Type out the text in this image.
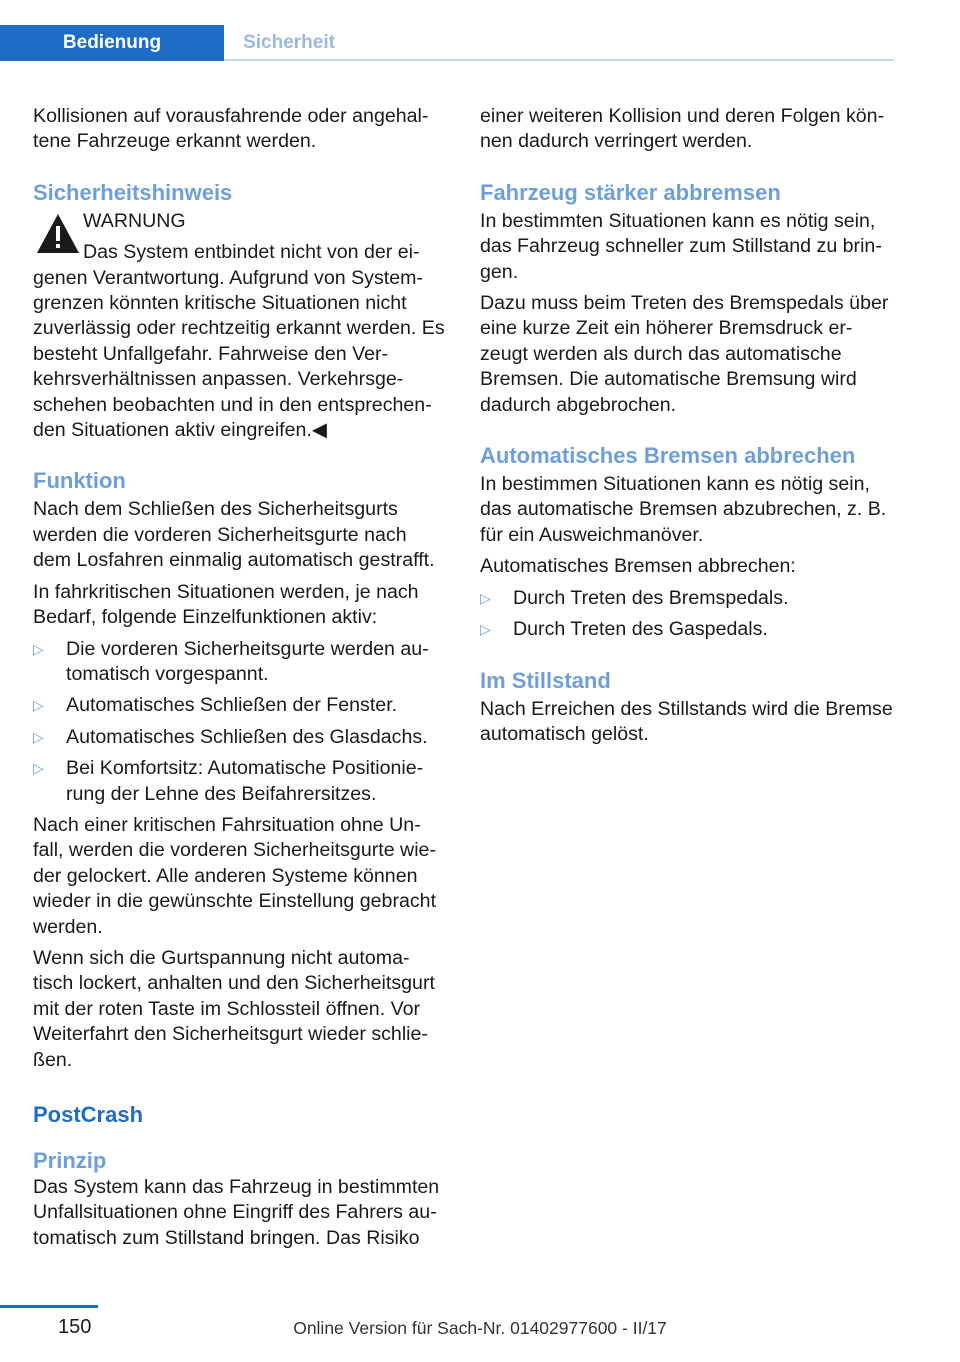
Bedienung	Sicherheit

Kollisionen auf vorausfahrende oder angehal‐tene Fahrzeuge erkannt werden.

Sicherheitshinweis

WARNUNG

Das System entbindet nicht von der ei‐

genen Verantwortung. Aufgrund von System‐grenzen könnten kritische Situationen nicht zuverlässig oder rechtzeitig erkannt werden. Es besteht Unfallgefahr. Fahrweise den Ver‐kehrsverhältnissen anpassen. Verkehrsge‐schehen beobachten und in den entsprechen‐den Situationen aktiv eingreifen.◀

Funktion

Nach dem Schließen des Sicherheitsgurts werden die vorderen Sicherheitsgurte nach dem Losfahren einmalig automatisch gestrafft.

In fahrkritischen Situationen werden, je nach Bedarf, folgende Einzelfunktionen aktiv:

▷ Die vorderen Sicherheitsgurte werden au‐tomatisch vorgespannt.
▷ Automatisches Schließen der Fenster.
▷ Automatisches Schließen des Glasdachs.
▷ Bei Komfortsitz: Automatische Positionie‐rung der Lehne des Beifahrersitzes.

Nach einer kritischen Fahrsituation ohne Un‐fall, werden die vorderen Sicherheitsgurte wie‐der gelockert. Alle anderen Systeme können wieder in die gewünschte Einstellung gebracht werden.

Wenn sich die Gurtspannung nicht automa‐tisch lockert, anhalten und den Sicherheitsgurt mit der roten Taste im Schlossteil öffnen. Vor Weiterfahrt den Sicherheitsgurt wieder schlie‐ßen.

PostCrash
Prinzip

Das System kann das Fahrzeug in bestimmten Unfallsituationen ohne Eingriff des Fahrers au‐tomatisch zum Stillstand bringen. Das Risiko

einer weiteren Kollision und deren Folgen kön‐nen dadurch verringert werden.

Fahrzeug stärker abbremsen

In bestimmten Situationen kann es nötig sein, das Fahrzeug schneller zum Stillstand zu brin‐gen.

Dazu muss beim Treten des Bremspedals über eine kurze Zeit ein höherer Bremsdruck er‐zeugt werden als durch das automatische Bremsen. Die automatische Bremsung wird dadurch abgebrochen.

Automatisches Bremsen abbrechen

In bestimmen Situationen kann es nötig sein, das automatische Bremsen abzubrechen, z. B. für ein Ausweichmanöver.

Automatisches Bremsen abbrechen:

▷ Durch Treten des Bremspedals.
▷ Durch Treten des Gaspedals.
Im Stillstand

Nach Erreichen des Stillstands wird die Bremse automatisch gelöst.

150	Online Version für Sach-Nr. 01402977600 - II/17
